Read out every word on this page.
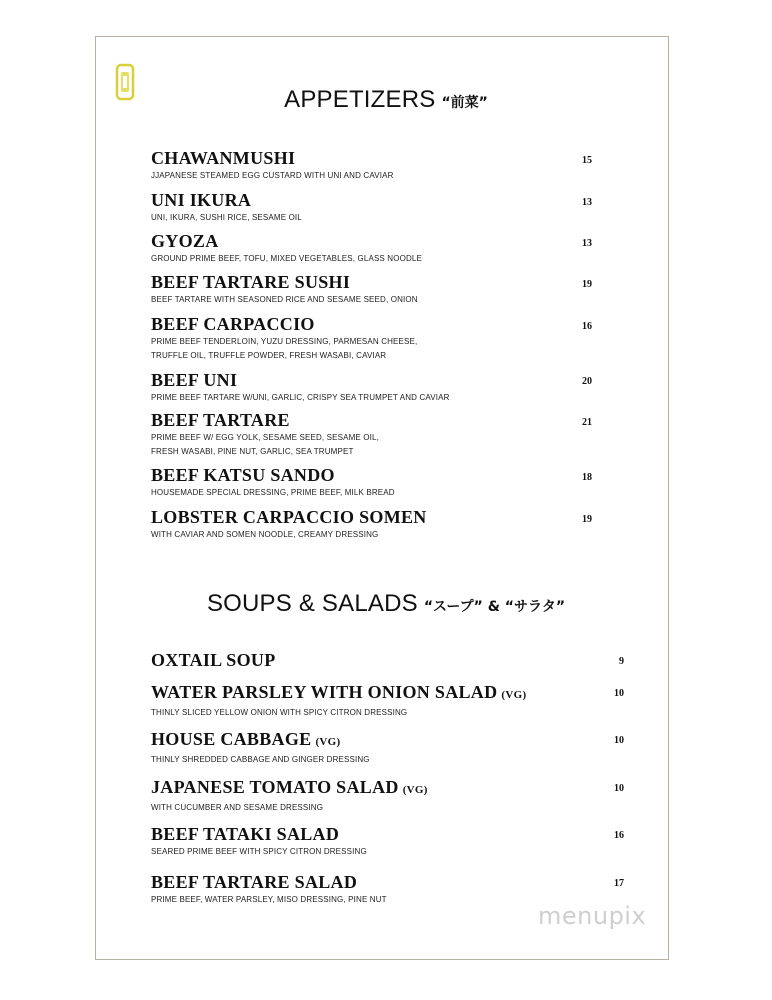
APPETIZERS “前菜”
CHAWANMUSHI
JJAPANESE STEAMED EGG CUSTARD WITH UNI AND CAVIAR
15
UNI IKURA
UNI, IKURA, SUSHI RICE, SESAME OIL
13
GYOZA
GROUND PRIME BEEF, TOFU, MIXED VEGETABLES, GLASS NOODLE
13
BEEF TARTARE SUSHI
BEEF TARTARE WITH SEASONED RICE AND SESAME SEED, ONION
19
BEEF CARPACCIO
PRIME BEEF TENDERLOIN, YUZU DRESSING, PARMESAN CHEESE,
TRUFFLE OIL, TRUFFLE POWDER, FRESH WASABI, CAVIAR
16
BEEF UNI
PRIME BEEF TARTARE W/UNI, GARLIC, CRISPY SEA TRUMPET AND CAVIAR
20
BEEF TARTARE
PRIME BEEF W/ EGG YOLK, SESAME SEED, SESAME OIL,
FRESH WASABI, PINE NUT, GARLIC, SEA TRUMPET
21
BEEF KATSU SANDO
HOUSEMADE SPECIAL DRESSING, PRIME BEEF, MILK BREAD
18
LOBSTER CARPACCIO SOMEN
WITH CAVIAR AND SOMEN NOODLE, CREAMY DRESSING
19
SOUPS & SALADS “スープ” & “サラタ”
OXTAIL SOUP	9
WATER PARSLEY WITH ONION SALAD (VG)
THINLY SLICED YELLOW ONION WITH SPICY CITRON DRESSING
10
HOUSE CABBAGE (VG)
THINLY SHREDDED CABBAGE AND GINGER DRESSING
10
JAPANESE TOMATO SALAD (VG)
WITH CUCUMBER AND SESAME DRESSING
10
BEEF TATAKI SALAD
SEARED PRIME BEEF WITH SPICY CITRON DRESSING
16
BEEF TARTARE SALAD
PRIME BEEF, WATER PARSLEY, MISO DRESSING, PINE NUT
17
menupix
